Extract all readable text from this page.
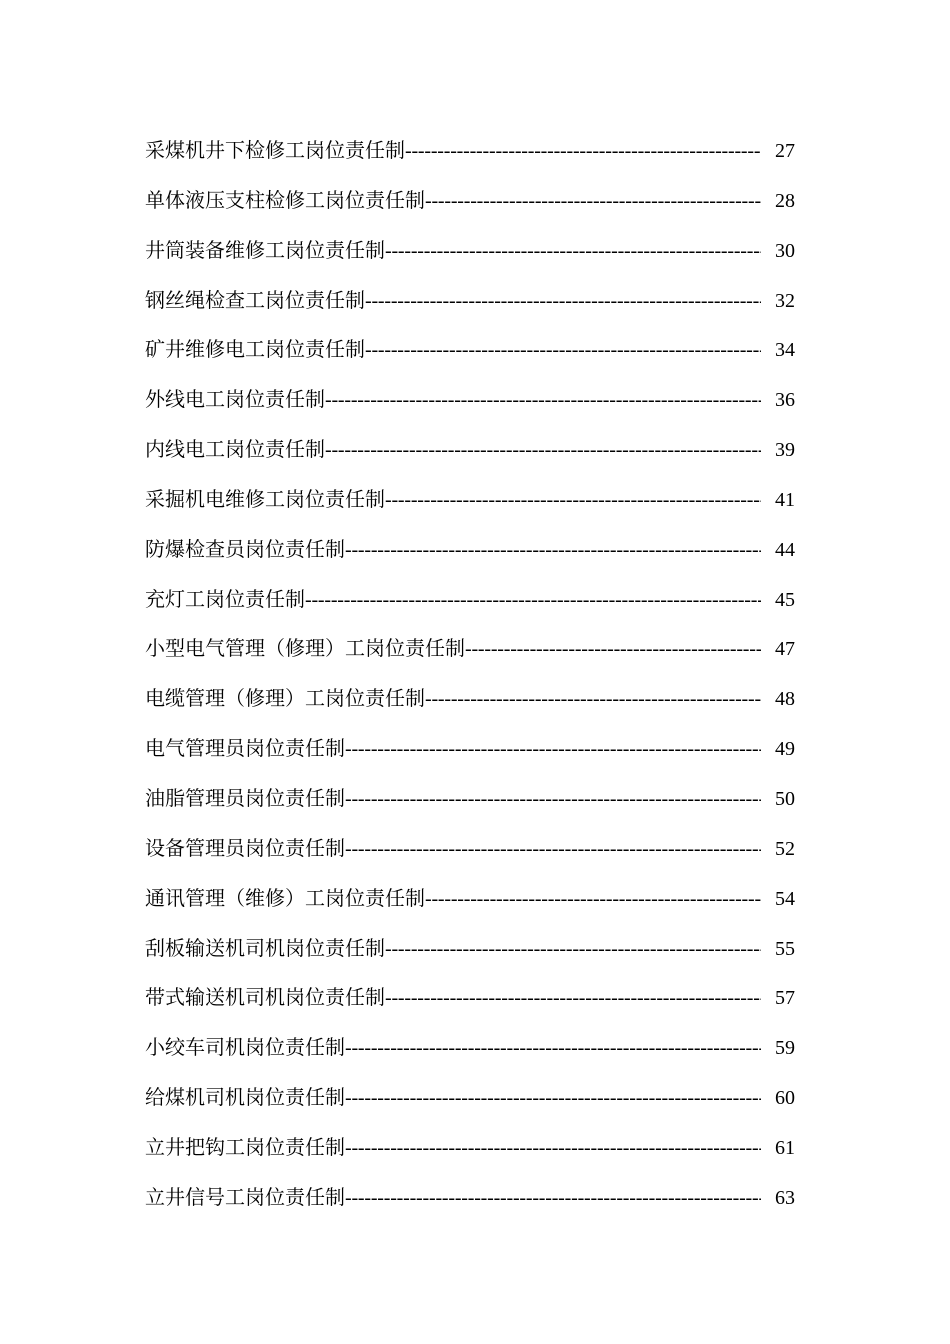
采煤机井下检修工岗位责任制 -----	27
单体液压支柱检修工岗位责任制 -----	28
井筒装备维修工岗位责任制 -----	30
钢丝绳检查工岗位责任制 -----	32
矿井维修电工岗位责任制 -----	34
外线电工岗位责任制 -----	36
内线电工岗位责任制 -----	39
采掘机电维修工岗位责任制 -----	41
防爆检查员岗位责任制 -----	44
充灯工岗位责任制 -----	45
小型电气管理（修理）工岗位责任制 -----	47
电缆管理（修理）工岗位责任制 -----	48
电气管理员岗位责任制 -----	49
油脂管理员岗位责任制 -----	50
设备管理员岗位责任制 -----	52
通讯管理（维修）工岗位责任制 -----	54
刮板输送机司机岗位责任制 -----	55
带式输送机司机岗位责任制 -----	57
小绞车司机岗位责任制 -----	59
给煤机司机岗位责任制 -----	60
立井把钩工岗位责任制 -----	61
立井信号工岗位责任制 -----	63
